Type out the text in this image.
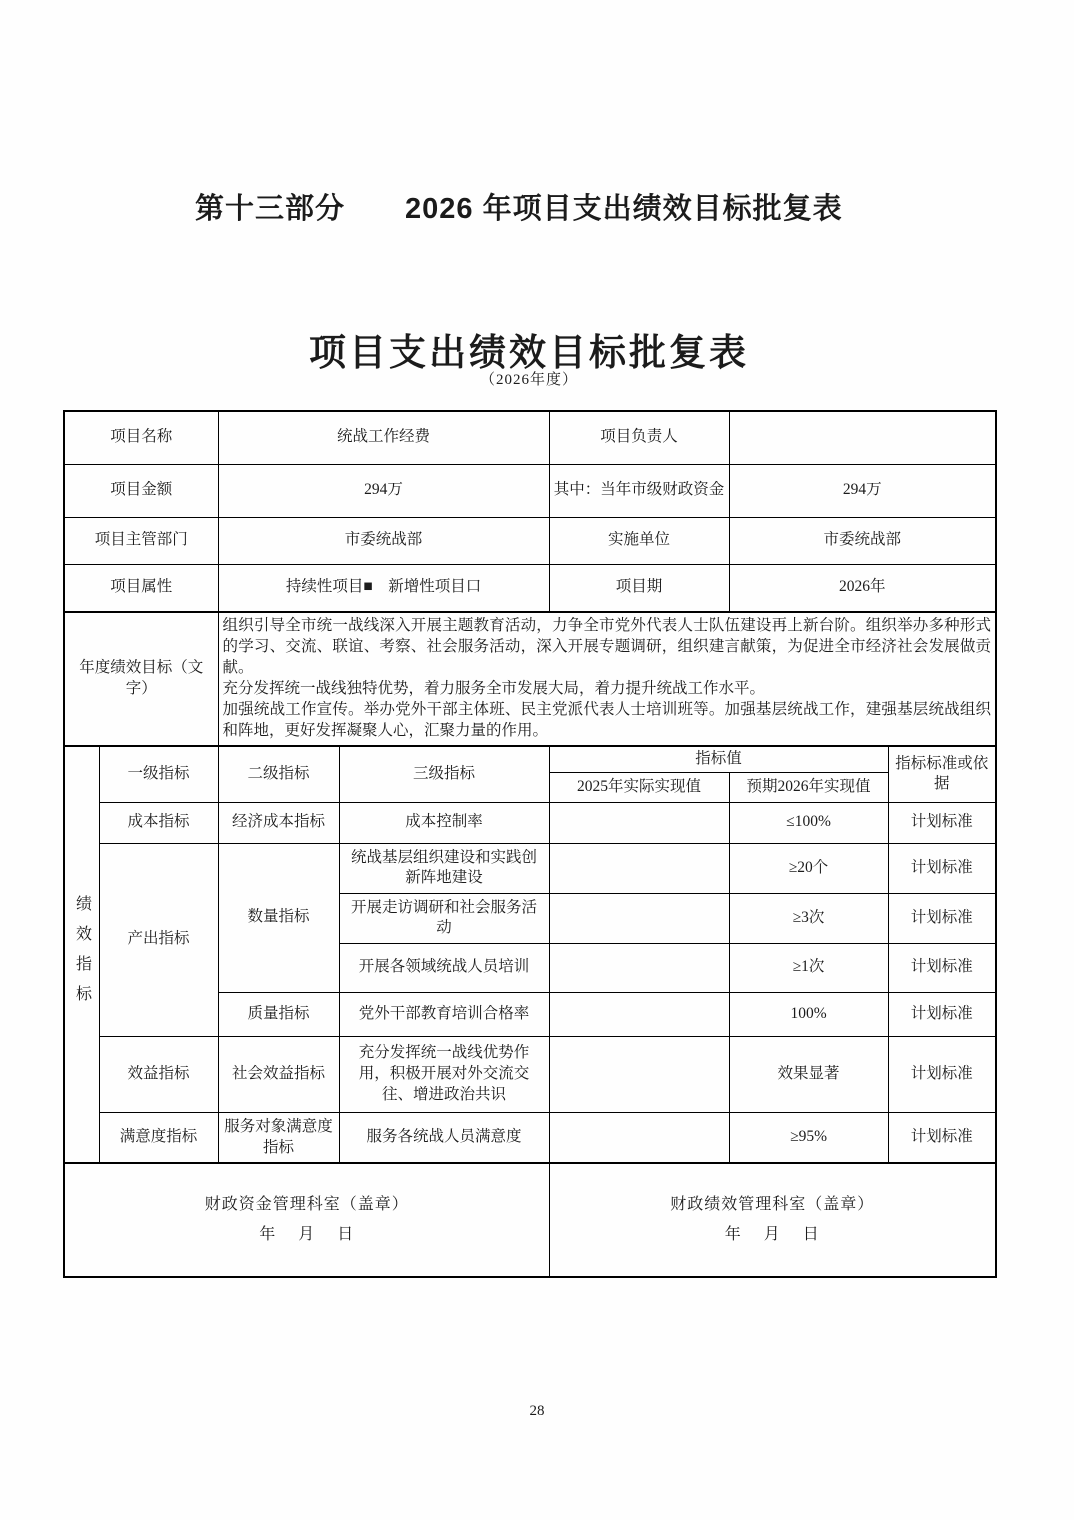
第十三部分　　2026 年项目支出绩效目标批复表
项目支出绩效目标批复表
（2026年度）
项目名称		统战工作经费		项目负责人		
项目金额		294万		其中：当年市级财政资金	294万	
项目主管部门		市委统战部		实施单位	市委统战部	
项目属性		持续性项目■　新增性项目口		项目期	2026年	
年度绩效目标（文字）		组织引导全市统一战线深入开展主题教育活动，力争全市党外代表人士队伍建设再上新台阶。组织举办多种形式的学习、交流、联谊、考察、社会服务活动，深入开展专题调研，组织建言献策，为促进全市经济社会发展做贡献。
充分发挥统一战线独特优势，着力服务全市发展大局，着力提升统战工作水平。
加强统战工作宣传。举办党外干部主体班、民主党派代表人士培训班等。加强基层统战工作，建强基层统战组织和阵地，更好发挥凝聚人心，汇聚力量的作用。				

绩效指标	一级指标	二级指标	三级指标	指标值		指标标准或依据
				2025年实际实现值	预期2026年实现值	
	成本指标	经济成本指标	成本控制率		≤100%	计划标准
	产出指标	数量指标	统战基层组织建设和实践创新阵地建设		≥20个	计划标准
			开展走访调研和社会服务活动		≥3次	计划标准
			开展各领域统战人员培训		≥1次	计划标准
		质量指标	党外干部教育培训合格率		100%	计划标准
	效益指标	社会效益指标	充分发挥统一战线优势作用，积极开展对外交流交往、增进政治共识		效果显著	计划标准
	满意度指标	服务对象满意度指标	服务各统战人员满意度		≥95%	计划标准

财政资金管理科室（盖章）
年　 月　 日

财政绩效管理科室（盖章）
年　 月　 日
28
